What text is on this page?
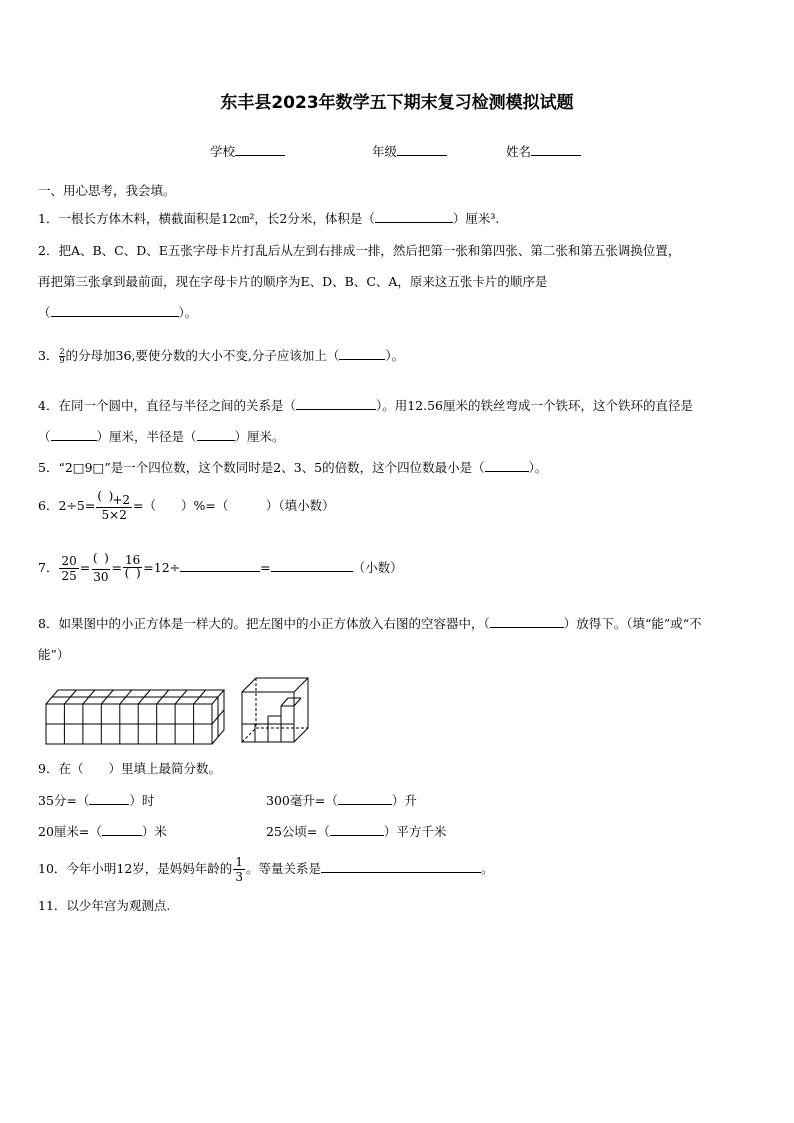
东丰县2023年数学五下期末复习检测模拟试题
学校	年级	姓名
一、用心思考，我会填。
1．一根长方体木料，横截面积是12㎝²，长2分米，体积是（	）厘米³.
2．把A、B、C、D、E五张字母卡片打乱后从左到右排成一排，然后把第一张和第四张、第二张和第五张调换位置，
再把第三张拿到最前面，现在字母卡片的顺序为E、D、B、C、A，原来这五张卡片的顺序是
（	）。
3． $\frac{2}{9}$ 的分母加36,要使分数的大小不变,分子应该加上（	）。
4．在同一个圆中，直径与半径之间的关系是（	）。用12.56厘米的铁丝弯成一个铁环，这个铁环的直径是
（	）厘米，半径是（	）厘米。
5．“2□9□”是一个四位数，这个数同时是2、3、5的倍数，这个四位数最小是（	）。
6．2÷5= ( ) $\frac{+2}{5\times 2}$ =（　　）%=（　　　）（填小数）
7． $\frac{20}{25}$ =
( )
30
= 16 ( ) =12÷	=	（小数）
8．如果图中的小正方体是一样大的。把左图中的小正方体放入右图的空容器中，（	）放得下。（填“能”或“不
能”）
9．在（　　）里填上最简分数。
35分=（	）时	300毫升=（	）升
20厘米=（	）米	25公顷=（	）平方千米
10．今年小明12岁，是妈妈年龄的 $\frac{1}{3}$ 。等量关系是	。
11．以少年宫为观测点.
